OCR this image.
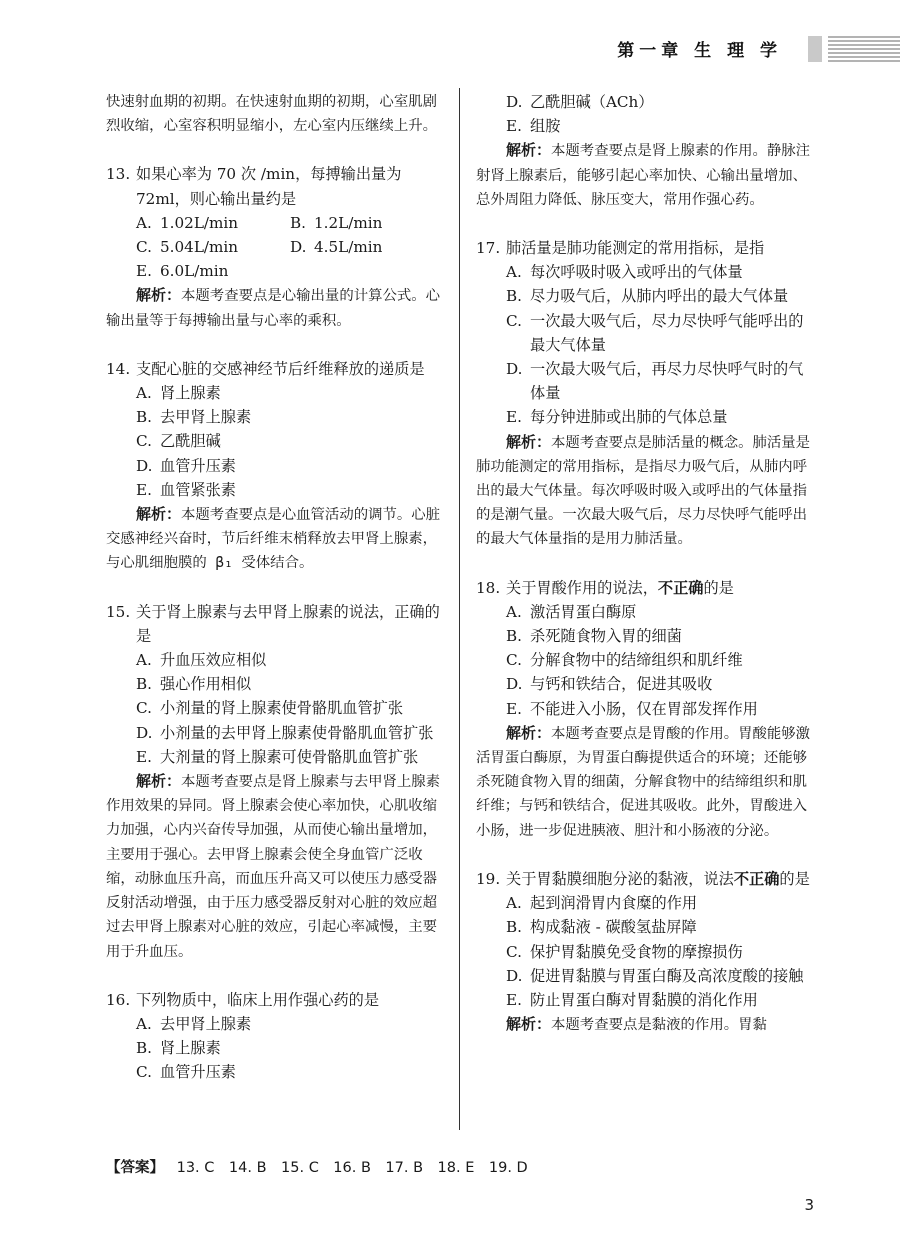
第一章 生 理 学
快速射血期的初期。在快速射血期的初期，心室肌剧烈收缩，心室容积明显缩小，左心室内压继续上升。
13. 如果心率为 70 次 /min，每搏输出量为 72ml，则心输出量约是
A. 1.02L/min	B. 1.2L/min
C. 5.04L/min	D. 4.5L/min
E. 6.0L/min
解析：本题考查要点是心输出量的计算公式。心输出量等于每搏输出量与心率的乘积。
14. 支配心脏的交感神经节后纤维释放的递质是
A. 肾上腺素
B. 去甲肾上腺素
C. 乙酰胆碱
D. 血管升压素
E. 血管紧张素
解析：本题考查要点是心血管活动的调节。心脏交感神经兴奋时，节后纤维末梢释放去甲肾上腺素，与心肌细胞膜的 β₁ 受体结合。
15. 关于肾上腺素与去甲肾上腺素的说法，正确的是
A. 升血压效应相似
B. 强心作用相似
C. 小剂量的肾上腺素使骨骼肌血管扩张
D. 小剂量的去甲肾上腺素使骨骼肌血管扩张
E. 大剂量的肾上腺素可使骨骼肌血管扩张
解析：本题考查要点是肾上腺素与去甲肾上腺素作用效果的异同。肾上腺素会使心率加快，心肌收缩力加强，心内兴奋传导加强，从而使心输出量增加，主要用于强心。去甲肾上腺素会使全身血管广泛收缩，动脉血压升高，而血压升高又可以使压力感受器反射活动增强，由于压力感受器反射对心脏的效应超过去甲肾上腺素对心脏的效应，引起心率减慢，主要用于升血压。
16. 下列物质中，临床上用作强心药的是
A. 去甲肾上腺素
B. 肾上腺素
C. 血管升压素
D. 乙酰胆碱（ACh）
E. 组胺
解析：本题考查要点是肾上腺素的作用。静脉注射肾上腺素后，能够引起心率加快、心输出量增加、总外周阻力降低、脉压变大，常用作强心药。
17. 肺活量是肺功能测定的常用指标，是指
A. 每次呼吸时吸入或呼出的气体量
B. 尽力吸气后，从肺内呼出的最大气体量
C. 一次最大吸气后，尽力尽快呼气能呼出的最大气体量
D. 一次最大吸气后，再尽力尽快呼气时的气体量
E. 每分钟进肺或出肺的气体总量
解析：本题考查要点是肺活量的概念。肺活量是肺功能测定的常用指标，是指尽力吸气后，从肺内呼出的最大气体量。每次呼吸时吸入或呼出的气体量指的是潮气量。一次最大吸气后，尽力尽快呼气能呼出的最大气体量指的是用力肺活量。
18. 关于胃酸作用的说法，不正确的是
A. 激活胃蛋白酶原
B. 杀死随食物入胃的细菌
C. 分解食物中的结缔组织和肌纤维
D. 与钙和铁结合，促进其吸收
E. 不能进入小肠，仅在胃部发挥作用
解析：本题考查要点是胃酸的作用。胃酸能够激活胃蛋白酶原，为胃蛋白酶提供适合的环境；还能够杀死随食物入胃的细菌，分解食物中的结缔组织和肌纤维；与钙和铁结合，促进其吸收。此外，胃酸进入小肠，进一步促进胰液、胆汁和小肠液的分泌。
19. 关于胃黏膜细胞分泌的黏液，说法不正确的是
A. 起到润滑胃内食糜的作用
B. 构成黏液 - 碳酸氢盐屏障
C. 保护胃黏膜免受食物的摩擦损伤
D. 促进胃黏膜与胃蛋白酶及高浓度酸的接触
E. 防止胃蛋白酶对胃黏膜的消化作用
解析：本题考查要点是黏液的作用。胃黏
【答案】 13. C　14. B　15. C　16. B　17. B　18. E　19. D
3
